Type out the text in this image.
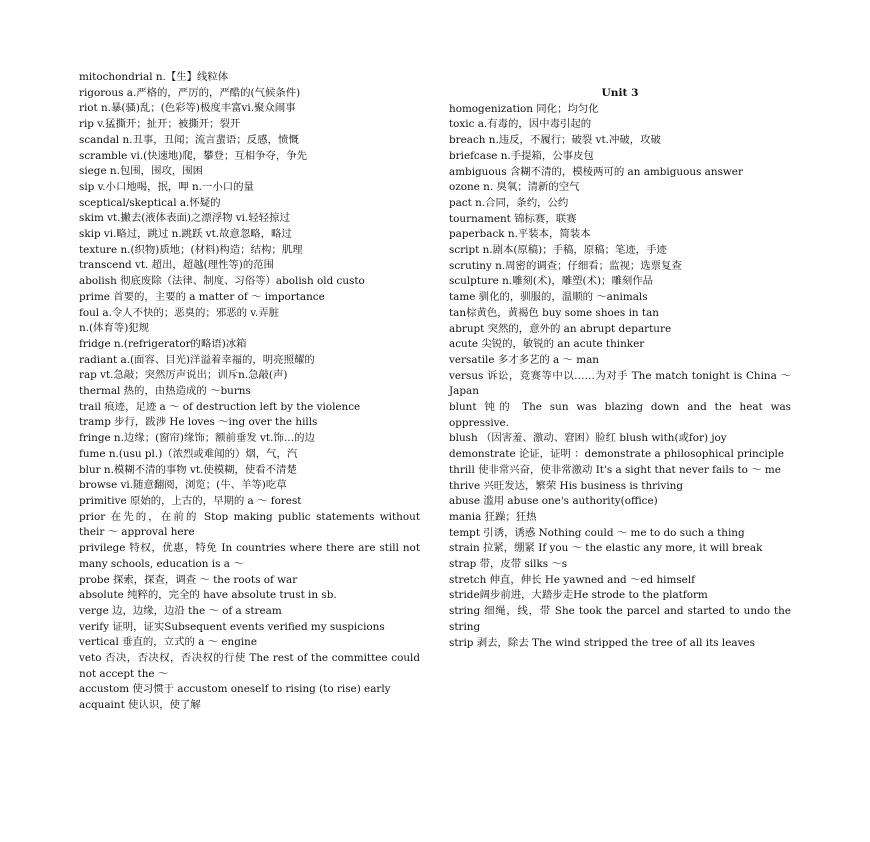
mitochondrial n.【生】线粒体

rigorous a.严格的，严厉的，严酷的(气候条件)

riot n.暴(骚)乱；(色彩等)极度丰富vi.聚众闹事

rip v.猛撕开；扯开；被撕开；裂开

scandal n.丑事，丑闻；流言蜚语；反感，愤慨

scramble vi.(快速地)爬，攀登；互相争夺，争先

siege n.包围，围攻，围困

sip v.小口地喝，抿，呷 n.一小口的量

sceptical/skeptical a.怀疑的

skim vt.撇去(液体表面)之漂浮物 vi.轻轻掠过

skip vi.略过，跳过 n.跳跃 vt.故意忽略，略过

texture n.(织物)质地；(材料)构造；结构；肌理

transcend vt. 超出，超越(理性等)的范围

abolish 彻底废除（法律、制度、习俗等）abolish old custo

prime 首要的，主要的 a matter of ～ importance

foul a.令人不快的；恶臭的；邪恶的 v.弄脏

n.(体育等)犯规

fridge n.(refrigerator的略语)冰箱

radiant a.(面容、目光)洋溢着幸福的，明亮照耀的

rap vt.急敲；突然厉声说出；训斥n.急敲(声)

thermal 热的，由热造成的 ～burns

trail 痕迹，足迹 a ～ of destruction left by the violence

tramp 步行，跋涉 He loves ～ing over the hills

fringe n.边缘；(窗帘)缘饰；额前垂发 vt.饰…的边

fume n.(usu pl.)（浓烈或难闻的）烟，气，汽

blur n.模糊不清的事物 vt.使模糊，使看不清楚

browse vi.随意翻阅，浏览；(牛、羊等)吃草

primitive 原始的，上古的，早期的 a ～ forest

prior 在先的，在前的 Stop making public statements without their ～ approval here

privilege 特权，优惠，特免 In countries where there are still not many schools, education is a ～

probe 探索，探查，调查 ～ the roots of war

absolute 纯粹的，完全的 have absolute trust in sb.

verge 边，边缘，边沿 the ～ of a stream

verify 证明，证实Subsequent events verified my suspicions

vertical 垂直的，立式的 a ～ engine

veto 否决，否决权，否决权的行使 The rest of the committee could not accept the ～

accustom 使习惯于 accustom oneself to rising (to rise) early

acquaint 使认识，使了解

Unit 3

homogenization 同化；均匀化

toxic a.有毒的，因中毒引起的

breach n.违反，不履行；破裂 vt.冲破，攻破

briefcase n.手提箱，公事皮包

ambiguous 含糊不清的，模棱两可的 an ambiguous answer

ozone n. 臭氧；清新的空气

pact n.合同，条约，公约

tournament 锦标赛，联赛

paperback n.平装本，简装本

script n.剧本(原稿)；手稿，原稿；笔迹，手迹

scrutiny n.周密的调查；仔细看；监视；选票复查

sculpture n.雕刻(术)，雕塑(术)；雕刻作品

tame 驯化的，驯服的，温顺的 ～animals

tan棕黄色，黄褐色 buy some shoes in tan

abrupt 突然的，意外的 an abrupt departure

acute 尖锐的，敏锐的 an acute thinker

versatile 多才多艺的 a ～ man

versus 诉讼，竞赛等中以……为对手 The match tonight is China ～ Japan

blunt 钝的 The sun was blazing down and the heat was oppressive.

blush （因害羞、激动、窘困）脸红 blush with(或for) joy

demonstrate 论证，证明 ：demonstrate a philosophical principle

thrill 使非常兴奋，使非常激动 It's a sight that never fails to ～ me

thrive 兴旺发达，繁荣 His business is thriving

abuse 滥用 abuse one's authority(office)

mania 狂躁；狂热

tempt 引诱，诱惑 Nothing could ～ me to do such a thing

strain 拉紧，绷紧 If you ～ the elastic any more, it will break

strap 带，皮带 silks ～s

stretch 伸直，伸长 He yawned and ～ed himself

stride阔步前进，大踏步走He strode to the platform

string 细绳，线，带 She took the parcel and started to undo the string

strip 剥去，除去 The wind stripped the tree of all its leaves
